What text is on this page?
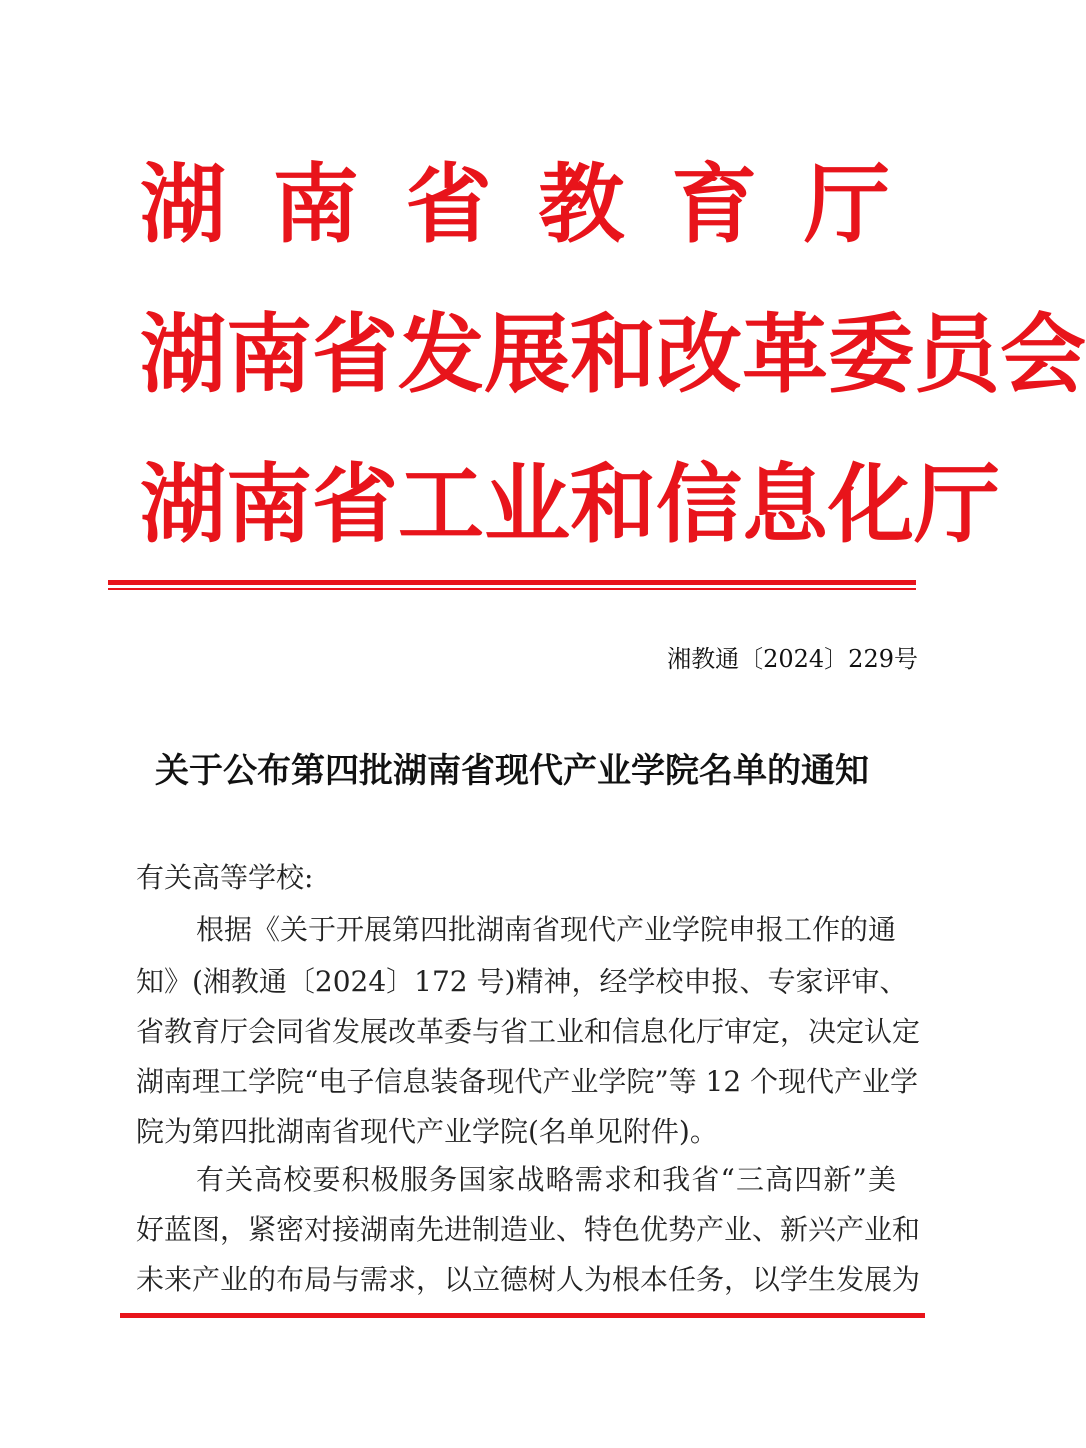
湖 南 省 教 育 厅
湖 南 省 发 展 和 改 革 委 员 会
湖 南 省 工 业 和 信 息 化 厅
湘教通〔2024〕229号
关于公布第四批湖南省现代产业学院名单的通知
有关高等学校:
根据《关于开展第四批湖南省现代产业学院申报工作的通
知》(湘教通〔2024〕172 号)精神，经学校申报、专家评审、
省教育厅会同省发展改革委与省工业和信息化厅审定，决定认定
湖南理工学院“电子信息装备现代产业学院”等 12 个现代产业学
院为第四批湖南省现代产业学院(名单见附件)。
有关高校要积极服务国家战略需求和我省“三高四新”美
好蓝图，紧密对接湖南先进制造业、特色优势产业、新兴产业和
未来产业的布局与需求，以立德树人为根本任务，以学生发展为
